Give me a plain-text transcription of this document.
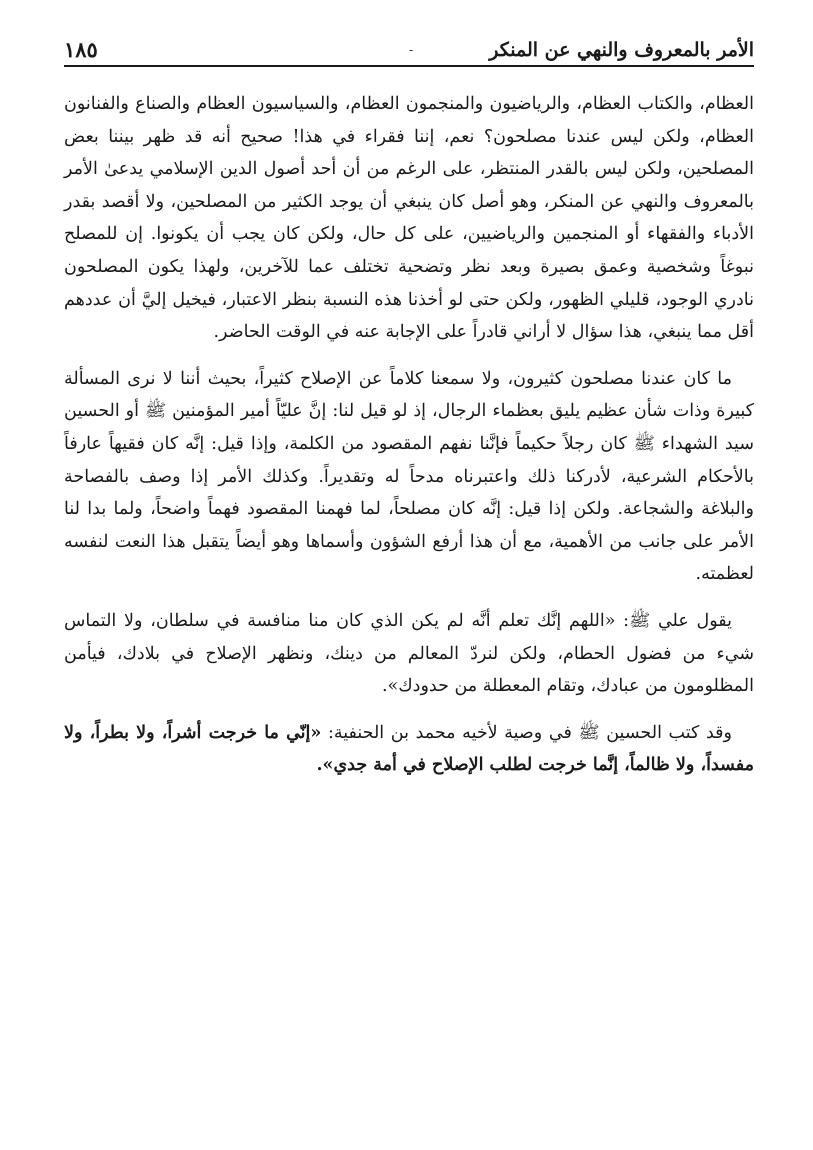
الأمر بالمعروف والنهي عن المنكر
-
١٨٥

العظام، والكتاب العظام، والرياضيون والمنجمون العظام، والسياسيون العظام والصناع والفنانون العظام، ولكن ليس عندنا مصلحون؟ نعم، إننا فقراء في هذا! صحيح أنه قد ظهر بيننا بعض المصلحين، ولكن ليس بالقدر المنتظر، على الرغم من أن أحد أصول الدين الإسلامي يدعىٰ الأمر بالمعروف والنهي عن المنكر، وهو أصل كان ينبغي أن يوجد الكثير من المصلحين، ولا أقصد بقدر الأدباء والفقهاء أو المنجمين والرياضيين، على كل حال، ولكن كان يجب أن يكونوا. إن للمصلح نبوغاً وشخصية وعمق بصيرة وبعد نظر وتضحية تختلف عما للآخرين، ولهذا يكون المصلحون نادري الوجود، قليلي الظهور، ولكن حتى لو أخذنا هذه النسبة بنظر الاعتبار، فيخيل إليَّ أن عددهم أقل مما ينبغي، هذا سؤال لا أراني قادراً على الإجابة عنه في الوقت الحاضر.

ما كان عندنا مصلحون كثيرون، ولا سمعنا كلاماً عن الإصلاح كثيراً، بحيث أننا لا نرى المسألة كبيرة وذات شأن عظيم يليق بعظماء الرجال، إذ لو قيل لنا: إنَّ عليّاً أمير المؤمنين ﷺ أو الحسين سيد الشهداء ﷺ كان رجلاً حكيماً فإنَّنا نفهم المقصود من الكلمة، وإذا قيل: إنَّه كان فقيهاً عارفاً بالأحكام الشرعية، لأدركنا ذلك واعتبرناه مدحاً له وتقديراً. وكذلك الأمر إذا وصف بالفصاحة والبلاغة والشجاعة. ولكن إذا قيل: إنَّه كان مصلحاً، لما فهمنا المقصود فهماً واضحاً، ولما بدا لنا الأمر على جانب من الأهمية، مع أن هذا أرفع الشؤون وأسماها وهو أيضاً يتقبل هذا النعت لنفسه لعظمته.

يقول علي ﷺ: «اللهم إنَّك تعلم أنَّه لم يكن الذي كان منا منافسة في سلطان، ولا التماس شيء من فضول الحطام، ولكن لنردّ المعالم من دينك، ونظهر الإصلاح في بلادك، فيأمن المظلومون من عبادك، وتقام المعطلة من حدودك».

وقد كتب الحسين ﷺ في وصية لأخيه محمد بن الحنفية: «إنّي ما خرجت أشراً، ولا بطراً، ولا مفسداً، ولا ظالماً، إنَّما خرجت لطلب الإصلاح في أمة جدي».
